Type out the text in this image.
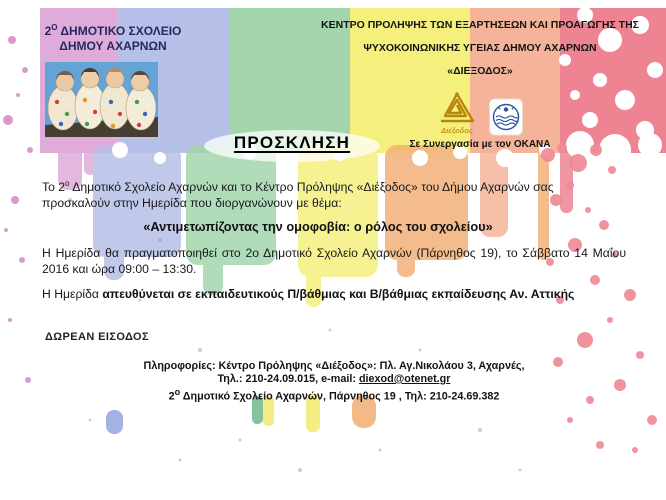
$2^O$ ΔΗΜΟΤΙΚΟ ΣΧΟΛΕΙΟ
ΔΗΜΟΥ ΑΧΑΡΝΩΝ
ΚΕΝΤΡΟ ΠΡΟΛΗΨΗΣ ΤΩΝ ΕΞΑΡΤΗΣΕΩΝ ΚΑΙ ΠΡΟΑΓΩΓΗΣ ΤΗΣ
ΨΥΧΟΚΟΙΝΩΝΙΚΗΣ ΥΓΕΙΑΣ ΔΗΜΟΥ ΑΧΑΡΝΩΝ
«ΔΙΕΞΟΔΟΣ»
Διέξοδος
Σε Συνεργασία με τον ΟΚΑΝΑ
ΠΡΟΣΚΛΗΣΗ
Το $2^o$ Δημοτικό Σχολείο Αχαρνών και το Κέντρο Πρόληψης «Διέξοδος» του Δήμου Αχαρνών σας προσκαλούν στην Ημερίδα που διοργανώνουν με θέμα:
«Αντιμετωπίζοντας την ομοφοβία: ο ρόλος του σχολείου»
Η Ημερίδα θα πραγματοποιηθεί στο 2ο Δημοτικό Σχολείο Αχαρνών (Πάρνηθος 19), το Σάββατο 14 Μαΐου 2016 και ώρα 09:00 – 13:30.
Η Ημερίδα απευθύνεται σε εκπαιδευτικούς Π/βάθμιας και Β/βάθμιας εκπαίδευσης Αν. Αττικής
ΔΩΡΕΑΝ ΕΙΣΟΔΟΣ
Πληροφορίες: Κέντρο Πρόληψης «Διέξοδος»: Πλ. Αγ.Νικολάου 3, Αχαρνές,
Τηλ.: 210-24.09.015, e-mail: diexod@otenet.gr
$2^o$ Δημοτικό Σχολείο Αχαρνών, Πάρνηθος 19 , Τηλ: 210-24.69.382
